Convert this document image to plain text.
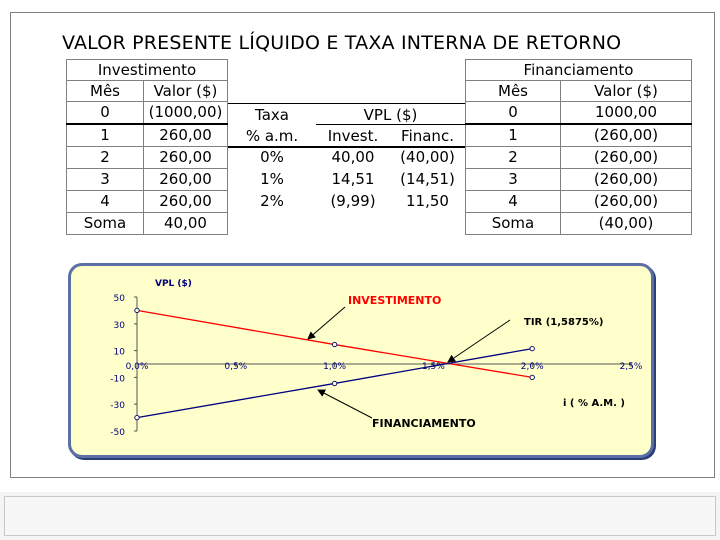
VALOR PRESENTE LÍQUIDO E TAXA INTERNA DE RETORNO
Investimento	
Mês	Valor ($)
0	(1000,00)
1	260,00
2	260,00
3	260,00
4	260,00
Soma	40,00
Taxa
% a.m.
VPL ($)
Invest.	Financ.
0%	40,00	(40,00)
1%	14,51	(14,51)
2%	(9,99)	11,50
Financiamento	
Mês	Valor ($)
0	1000,00
1	(260,00)
2	(260,00)
3	(260,00)
4	(260,00)
Soma	(40,00)
50
30
10
-10
-30
-50
0,0%	0,5%	1,0%	1,5%	2,0%	2,5%
VPL ($)
i ( % A.M. )
INVESTIMENTO
FINANCIAMENTO
TIR (1,5875%)
